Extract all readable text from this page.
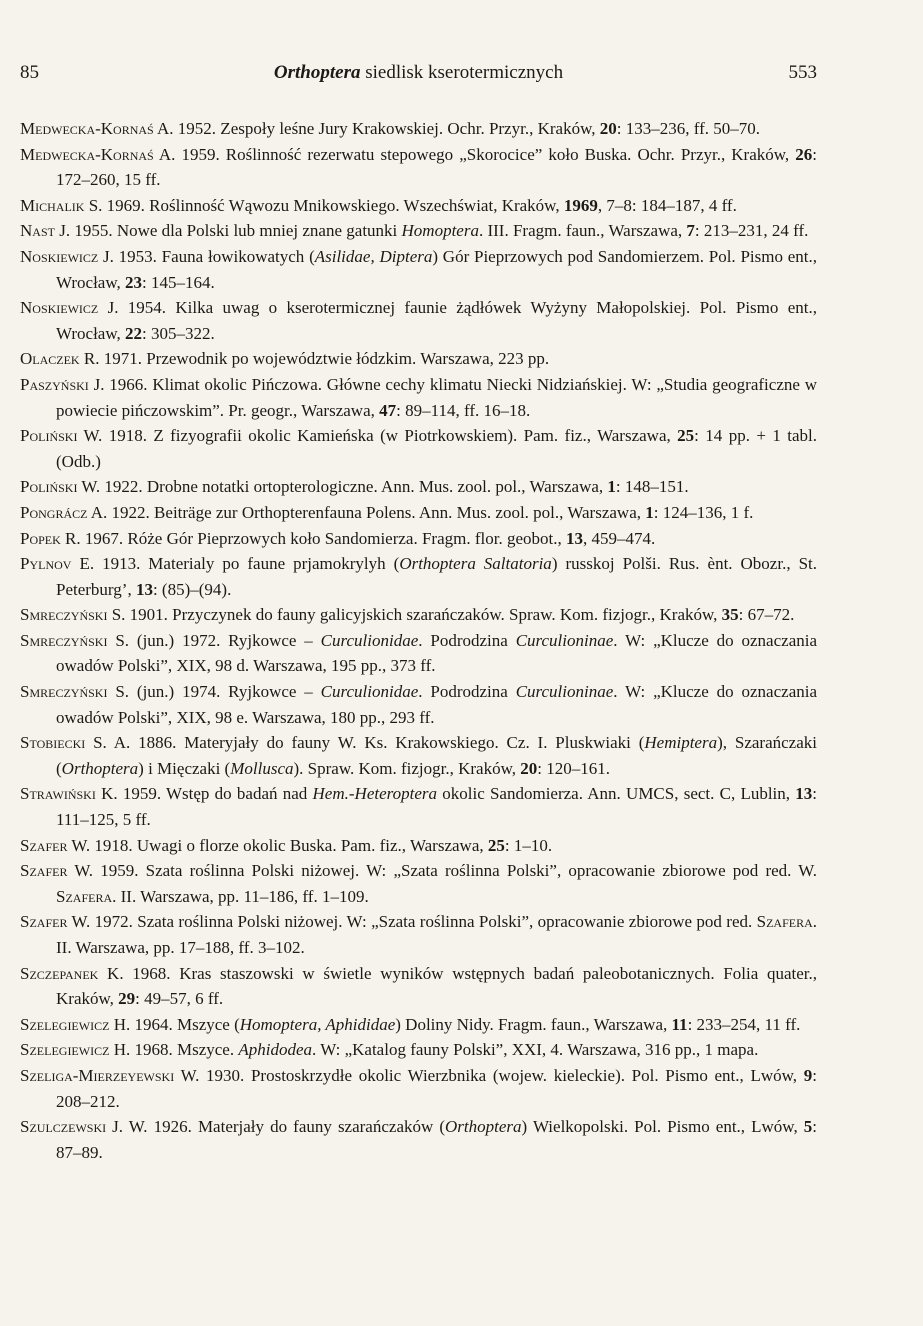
85	Orthoptera siedlisk kserotermicznych	553
Medwecka-Kornaś A. 1952. Zespoły leśne Jury Krakowskiej. Ochr. Przyr., Kraków, 20: 133–236, ff. 50–70.
Medwecka-Kornaś A. 1959. Roślinność rezerwatu stepowego „Skorocice” koło Buska. Ochr. Przyr., Kraków, 26: 172–260, 15 ff.
Michalik S. 1969. Roślinność Wąwozu Mnikowskiego. Wszechświat, Kraków, 1969, 7–8: 184–187, 4 ff.
Nast J. 1955. Nowe dla Polski lub mniej znane gatunki Homoptera. III. Fragm. faun., Warszawa, 7: 213–231, 24 ff.
Noskiewicz J. 1953. Fauna łowikowatych (Asilidae, Diptera) Gór Pieprzowych pod Sandomierzem. Pol. Pismo ent., Wrocław, 23: 145–164.
Noskiewicz J. 1954. Kilka uwag o kserotermicznej faunie żądłówek Wyżyny Małopolskiej. Pol. Pismo ent., Wrocław, 22: 305–322.
Olaczek R. 1971. Przewodnik po województwie łódzkim. Warszawa, 223 pp.
Paszyński J. 1966. Klimat okolic Pińczowa. Główne cechy klimatu Niecki Nidziańskiej. W: „Studia geograficzne w powiecie pińczowskim”. Pr. geogr., Warszawa, 47: 89–114, ff. 16–18.
Poliński W. 1918. Z fizyografii okolic Kamieńska (w Piotrkowskiem). Pam. fiz., Warszawa, 25: 14 pp. + 1 tabl. (Odb.)
Poliński W. 1922. Drobne notatki ortopterologiczne. Ann. Mus. zool. pol., Warszawa, 1: 148–151.
Pongrácz A. 1922. Beiträge zur Orthopterenfauna Polens. Ann. Mus. zool. pol., Warszawa, 1: 124–136, 1 f.
Popek R. 1967. Róże Gór Pieprzowych koło Sandomierza. Fragm. flor. geobot., 13, 459–474.
Pylnov E. 1913. Materialy po faune prjamokrylyh (Orthoptera Saltatoria) russkoj Polši. Rus. ènt. Obozr., St. Peterburg’, 13: (85)–(94).
Smreczyński S. 1901. Przyczynek do fauny galicyjskich szarańczaków. Spraw. Kom. fizjogr., Kraków, 35: 67–72.
Smreczyński S. (jun.) 1972. Ryjkowce – Curculionidae. Podrodzina Curculioninae. W: „Klucze do oznaczania owadów Polski”, XIX, 98 d. Warszawa, 195 pp., 373 ff.
Smreczyński S. (jun.) 1974. Ryjkowce – Curculionidae. Podrodzina Curculioninae. W: „Klucze do oznaczania owadów Polski”, XIX, 98 e. Warszawa, 180 pp., 293 ff.
Stobiecki S. A. 1886. Materyjały do fauny W. Ks. Krakowskiego. Cz. I. Pluskwiaki (Hemiptera), Szarańczaki (Orthoptera) i Mięczaki (Mollusca). Spraw. Kom. fizjogr., Kraków, 20: 120–161.
Strawiński K. 1959. Wstęp do badań nad Hem.-Heteroptera okolic Sandomierza. Ann. UMCS, sect. C, Lublin, 13: 111–125, 5 ff.
Szafer W. 1918. Uwagi o florze okolic Buska. Pam. fiz., Warszawa, 25: 1–10.
Szafer W. 1959. Szata roślinna Polski niżowej. W: „Szata roślinna Polski”, opracowanie zbiorowe pod red. W. Szafera. II. Warszawa, pp. 11–186, ff. 1–109.
Szafer W. 1972. Szata roślinna Polski niżowej. W: „Szata roślinna Polski”, opracowanie zbiorowe pod red. Szafera. II. Warszawa, pp. 17–188, ff. 3–102.
Szczepanek K. 1968. Kras staszowski w świetle wyników wstępnych badań paleobotanicznych. Folia quater., Kraków, 29: 49–57, 6 ff.
Szelegiewicz H. 1964. Mszyce (Homoptera, Aphididae) Doliny Nidy. Fragm. faun., Warszawa, 11: 233–254, 11 ff.
Szelegiewicz H. 1968. Mszyce. Aphidodea. W: „Katalog fauny Polski”, XXI, 4. Warszawa, 316 pp., 1 mapa.
Szeliga-Mierzeyewski W. 1930. Prostoskrzydłe okolic Wierzbnika (wojew. kieleckie). Pol. Pismo ent., Lwów, 9: 208–212.
Szulczewski J. W. 1926. Materjały do fauny szarańczaków (Orthoptera) Wielkopolski. Pol. Pismo ent., Lwów, 5: 87–89.
